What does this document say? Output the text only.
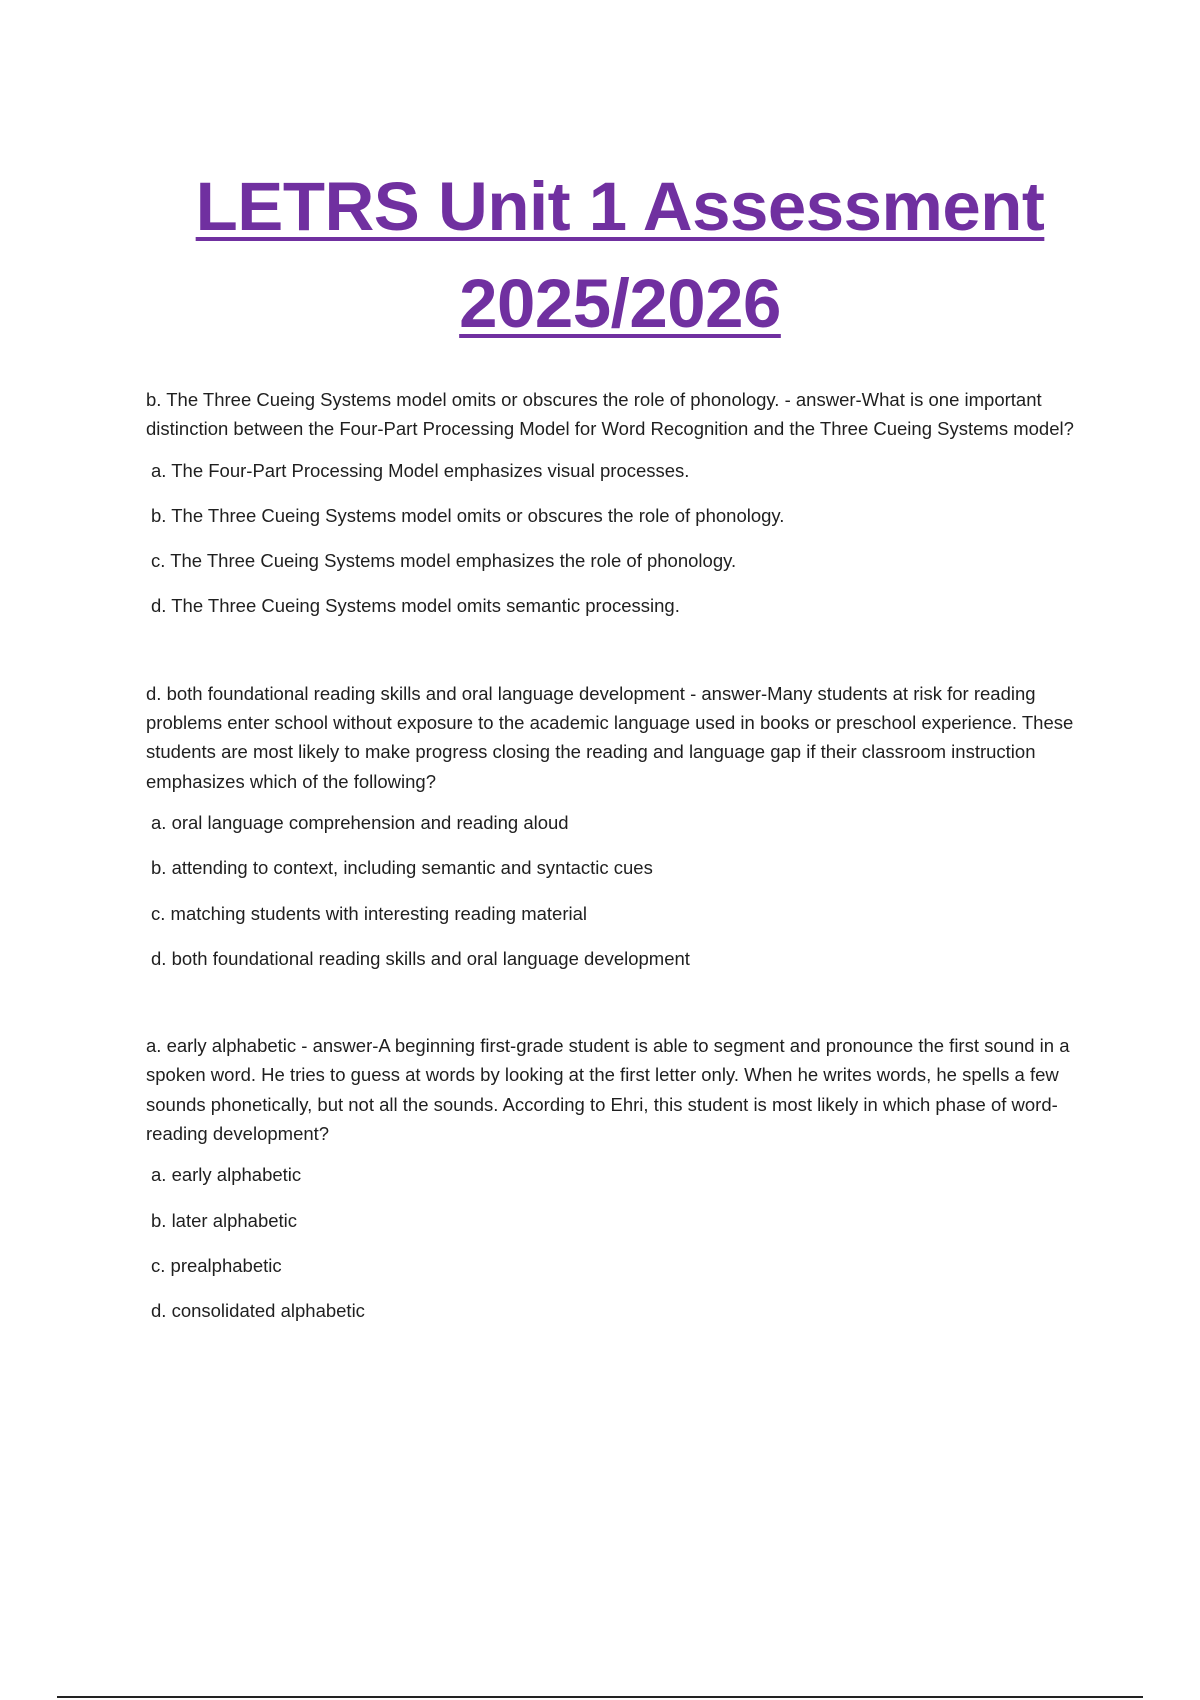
LETRS Unit 1 Assessment
2025/2026

b. The Three Cueing Systems model omits or obscures the role of phonology. - answer-What is one important distinction between the Four-Part Processing Model for Word Recognition and the Three Cueing Systems model?

a. The Four-Part Processing Model emphasizes visual processes.
b. The Three Cueing Systems model omits or obscures the role of phonology.
c. The Three Cueing Systems model emphasizes the role of phonology.
d. The Three Cueing Systems model omits semantic processing.

d. both foundational reading skills and oral language development - answer-Many students at risk for reading problems enter school without exposure to the academic language used in books or preschool experience. These students are most likely to make progress closing the reading and language gap if their classroom instruction emphasizes which of the following?

a. oral language comprehension and reading aloud
b. attending to context, including semantic and syntactic cues
c. matching students with interesting reading material
d. both foundational reading skills and oral language development

a. early alphabetic - answer-A beginning first-grade student is able to segment and pronounce the first sound in a spoken word. He tries to guess at words by looking at the first letter only. When he writes words, he spells a few sounds phonetically, but not all the sounds. According to Ehri, this student is most likely in which phase of word-reading development?

a. early alphabetic
b. later alphabetic
c. prealphabetic
d. consolidated alphabetic
